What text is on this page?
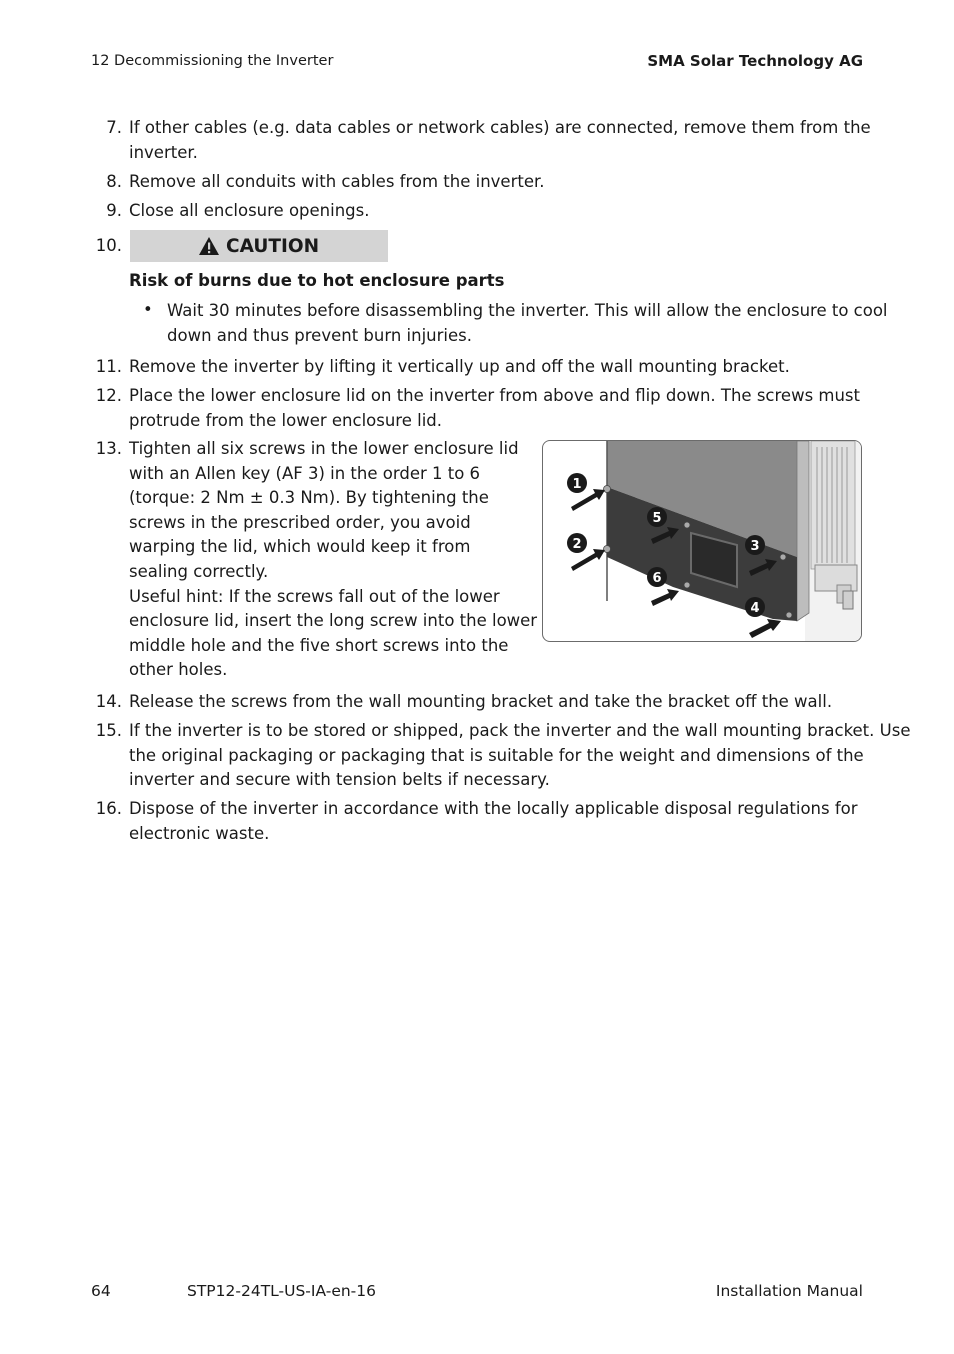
12 Decommissioning the Inverter	SMA Solar Technology AG
7. If other cables (e.g. data cables or network cables) are connected, remove them from the
inverter.
8. Remove all conduits with cables from the inverter.
9. Close all enclosure openings.
10.	CAUTION
Risk of burns due to hot enclosure parts
• Wait 30 minutes before disassembling the inverter. This will allow the enclosure to cool
down and thus prevent burn injuries.
11. Remove the inverter by lifting it vertically up and off the wall mounting bracket.
12. Place the lower enclosure lid on the inverter from above and flip down. The screws must
protrude from the lower enclosure lid.
13. Tighten all six screws in the lower enclosure lid
with an Allen key (AF 3) in the order 1 to 6
(torque: 2 Nm ± 0.3 Nm). By tightening the
screws in the prescribed order, you avoid
warping the lid, which would keep it from
sealing correctly.
Useful hint: If the screws fall out of the lower
enclosure lid, insert the long screw into the lower
middle hole and the five short screws into the
other holes.
1
2	3
4
5
6
14. Release the screws from the wall mounting bracket and take the bracket off the wall.
15. If the inverter is to be stored or shipped, pack the inverter and the wall mounting bracket. Use
the original packaging or packaging that is suitable for the weight and dimensions of the
inverter and secure with tension belts if necessary.
16. Dispose of the inverter in accordance with the locally applicable disposal regulations for
electronic waste.
64	STP12-24TL-US-IA-en-16	Installation Manual
